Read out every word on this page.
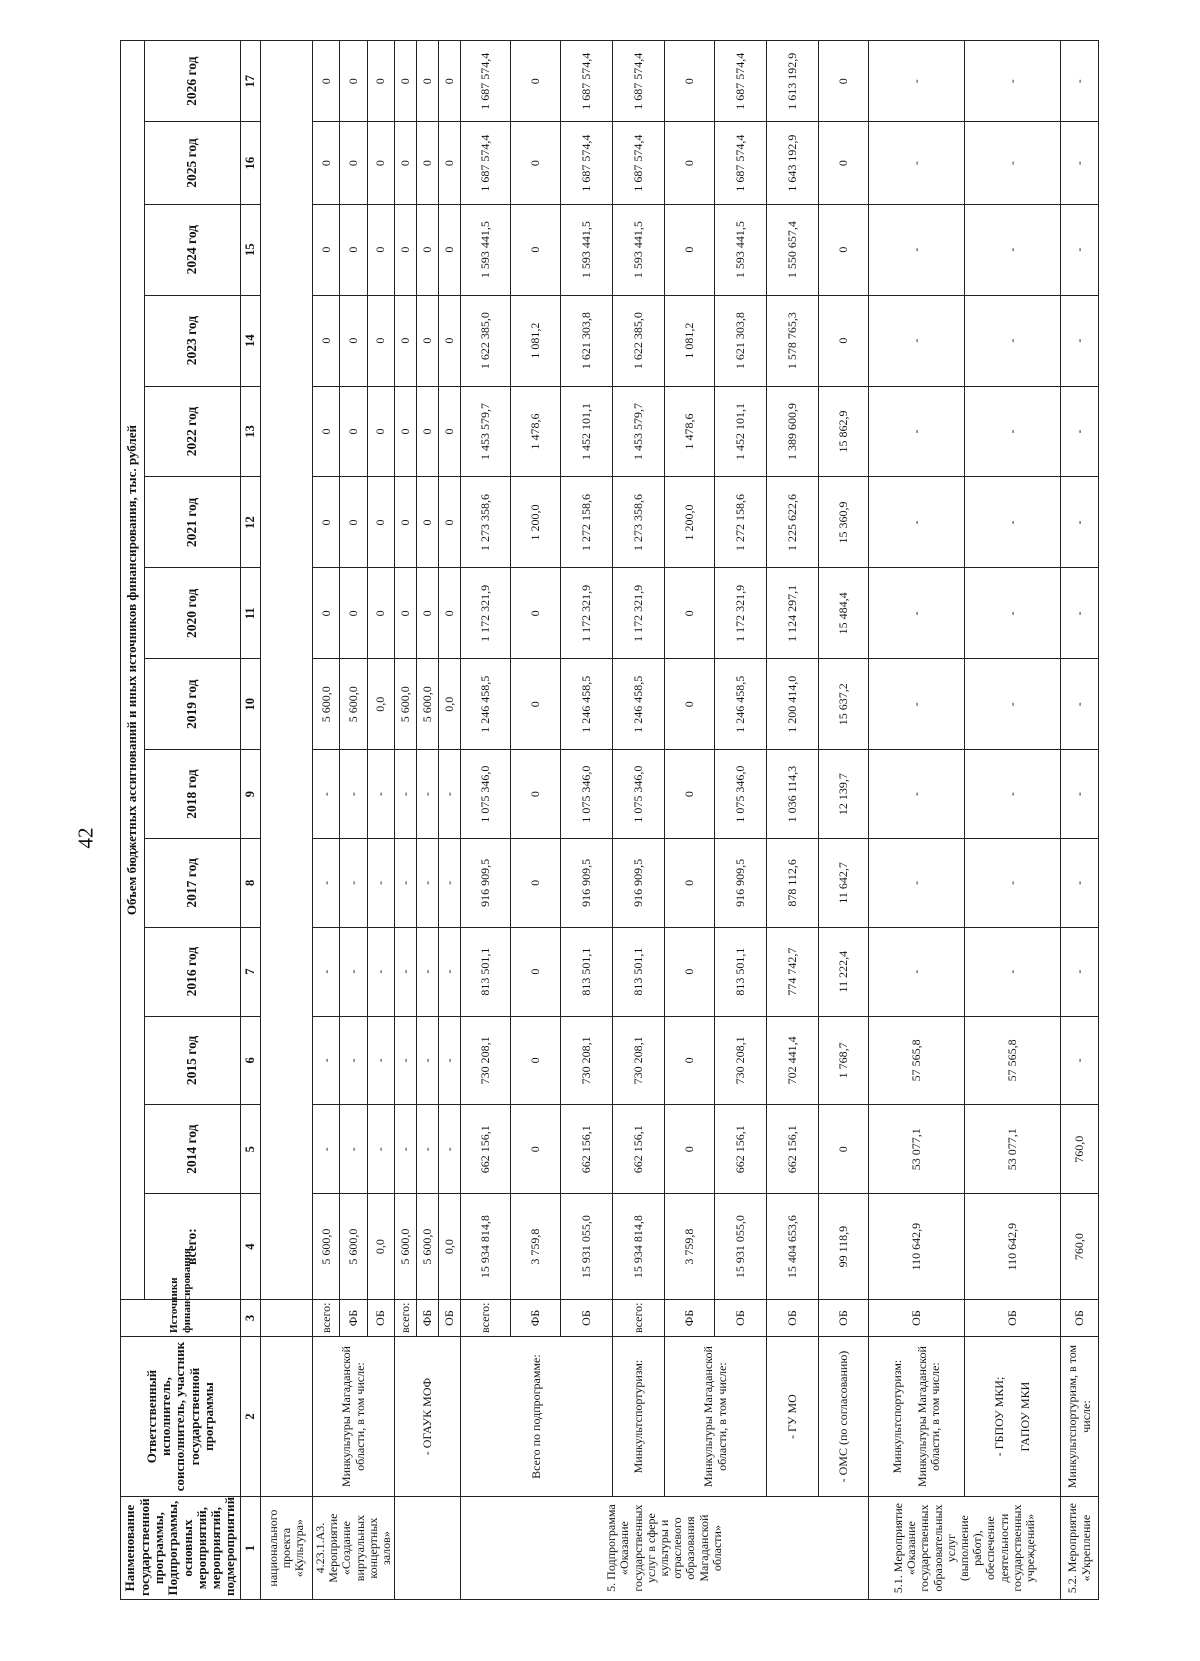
42
Наименование государственной программы, Подпрограммы, основных мероприятий, мероприятий, подмероприятий	Ответственный исполнитель, соисполнитель, участник государственной программы	Источники финансирования	Объем бюджетных ассигнований и иных источников финансирования, тыс. рублей													
			всего:	2014 год	2015 год	2016 год	2017 год	2018 год	2019 год	2020 год	2021 год	2022 год	2023 год	2024 год	2025 год	2026 год
1	2	3	4	5	6	7	8	9	10	11	12	13	14	15	16	17
национального проекта «Культура»																
4.23.1.А3. Мероприятие «Создание виртуальных концертных залов»	Минкультуры Магаданской области, в том числе:	всего:	5 600,0	-	-	-	-	-	5 600,0	0	0	0	0	0	0	0
		ФБ	5 600,0	-	-	-	-	-	5 600,0	0	0	0	0	0	0	0
		ОБ	0,0	-	-	-	-	-	0,0	0	0	0	0	0	0	0
	- ОГАУК МОФ	всего:	5 600,0	-	-	-	-	-	5 600,0	0	0	0	0	0	0	0
		ФБ	5 600,0	-	-	-	-	-	5 600,0	0	0	0	0	0	0	0
		ОБ	0,0	-	-	-	-	-	0,0	0	0	0	0	0	0	0
5. Подпрограмма «Оказание государственных услуг в сфере культуры и отраслевого образования Магаданской области»	Всего по подпрограмме:	всего:	15 934 814,8	662 156,1	730 208,1	813 501,1	916 909,5	1 075 346,0	1 246 458,5	1 172 321,9	1 273 358,6	1 453 579,7	1 622 385,0	1 593 441,5	1 687 574,4	1 687 574,4
		ФБ	3 759,8	0	0	0	0	0	0	0	1 200,0	1 478,6	1 081,2	0	0	0
		ОБ	15 931 055,0	662 156,1	730 208,1	813 501,1	916 909,5	1 075 346,0	1 246 458,5	1 172 321,9	1 272 158,6	1 452 101,1	1 621 303,8	1 593 441,5	1 687 574,4	1 687 574,4
	Минкультспортуризм:	всего:	15 934 814,8	662 156,1	730 208,1	813 501,1	916 909,5	1 075 346,0	1 246 458,5	1 172 321,9	1 273 358,6	1 453 579,7	1 622 385,0	1 593 441,5	1 687 574,4	1 687 574,4
	Минкультуры Магаданской области, в том числе:	ФБ	3 759,8	0	0	0	0	0	0	0	1 200,0	1 478,6	1 081,2	0	0	0
		ОБ	15 931 055,0	662 156,1	730 208,1	813 501,1	916 909,5	1 075 346,0	1 246 458,5	1 172 321,9	1 272 158,6	1 452 101,1	1 621 303,8	1 593 441,5	1 687 574,4	1 687 574,4
	- ГУ МО	ОБ	15 404 653,6	662 156,1	702 441,4	774 742,7	878 112,6	1 036 114,3	1 200 414,0	1 124 297,1	1 225 622,6	1 389 600,9	1 578 765,3	1 550 657,4	1 643 192,9	1 613 192,9
	- ОМС (по согласованию)	ОБ	99 118,9	0	1 768,7	11 222,4	11 642,7	12 139,7	15 637,2	15 484,4	15 360,9	15 862,9	0	0	0	0
5.1. Мероприятие «Оказание государственных образовательных услуг (выполнение работ), обеспечение деятельности государственных учреждений»	Минкультспортуризм: Минкультуры Магаданской области, в том числе:	ОБ	110 642,9	53 077,1	57 565,8	-	-	-	-	-	-	-	-	-	-	-

	- ГБПОУ МКИ; ГАПОУ МКИ	ОБ	110 642,9	53 077,1	57 565,8	-	-	-	-	-	-	-	-	-	-	-
5.2. Мероприятие «Укрепление	Минкультспортуризм, в том числе:	ОБ	760,0	760,0	-	-	-	-	-	-	-	-	-	-	-	-
